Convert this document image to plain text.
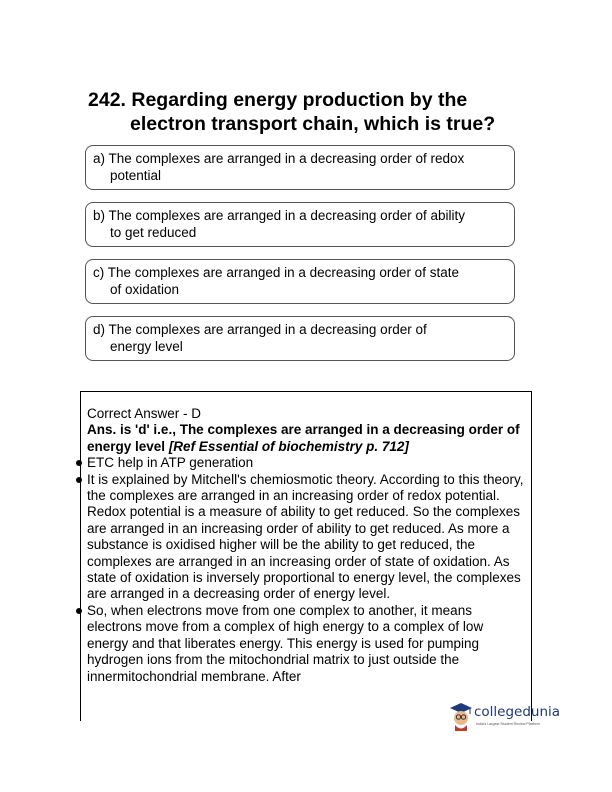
242. Regarding energy production by the
electron transport chain, which is true?
a) The complexes are arranged in a decreasing order of redox
potential
b) The complexes are arranged in a decreasing order of ability
to get reduced
c) The complexes are arranged in a decreasing order of state
of oxidation
d) The complexes are arranged in a decreasing order of
energy level

Correct Answer - D

Ans. is 'd' i.e., The complexes are arranged in a decreasing order of energy level [Ref Essential of biochemistry p. 712]

ETC help in ATP generation

It is explained by Mitchell's chemiosmotic theory. According to this theory, the complexes are arranged in an increasing order of redox potential. Redox potential is a measure of ability to get reduced. So the complexes are arranged in an increasing order of ability to get reduced. As more a substance is oxidised higher will be the ability to get reduced, the complexes are arranged in an increasing order of state of oxidation. As state of oxidation is inversely proportional to energy level, the complexes are arranged in a decreasing order of energy level.

So, when electrons move from one complex to another, it means electrons move from a complex of high energy to a complex of low energy and that liberates energy. This energy is used for pumping hydrogen ions from the mitochondrial matrix to just outside the innermitochondrial membrane. After

collegedunia
India's Largest Student Review Platform
